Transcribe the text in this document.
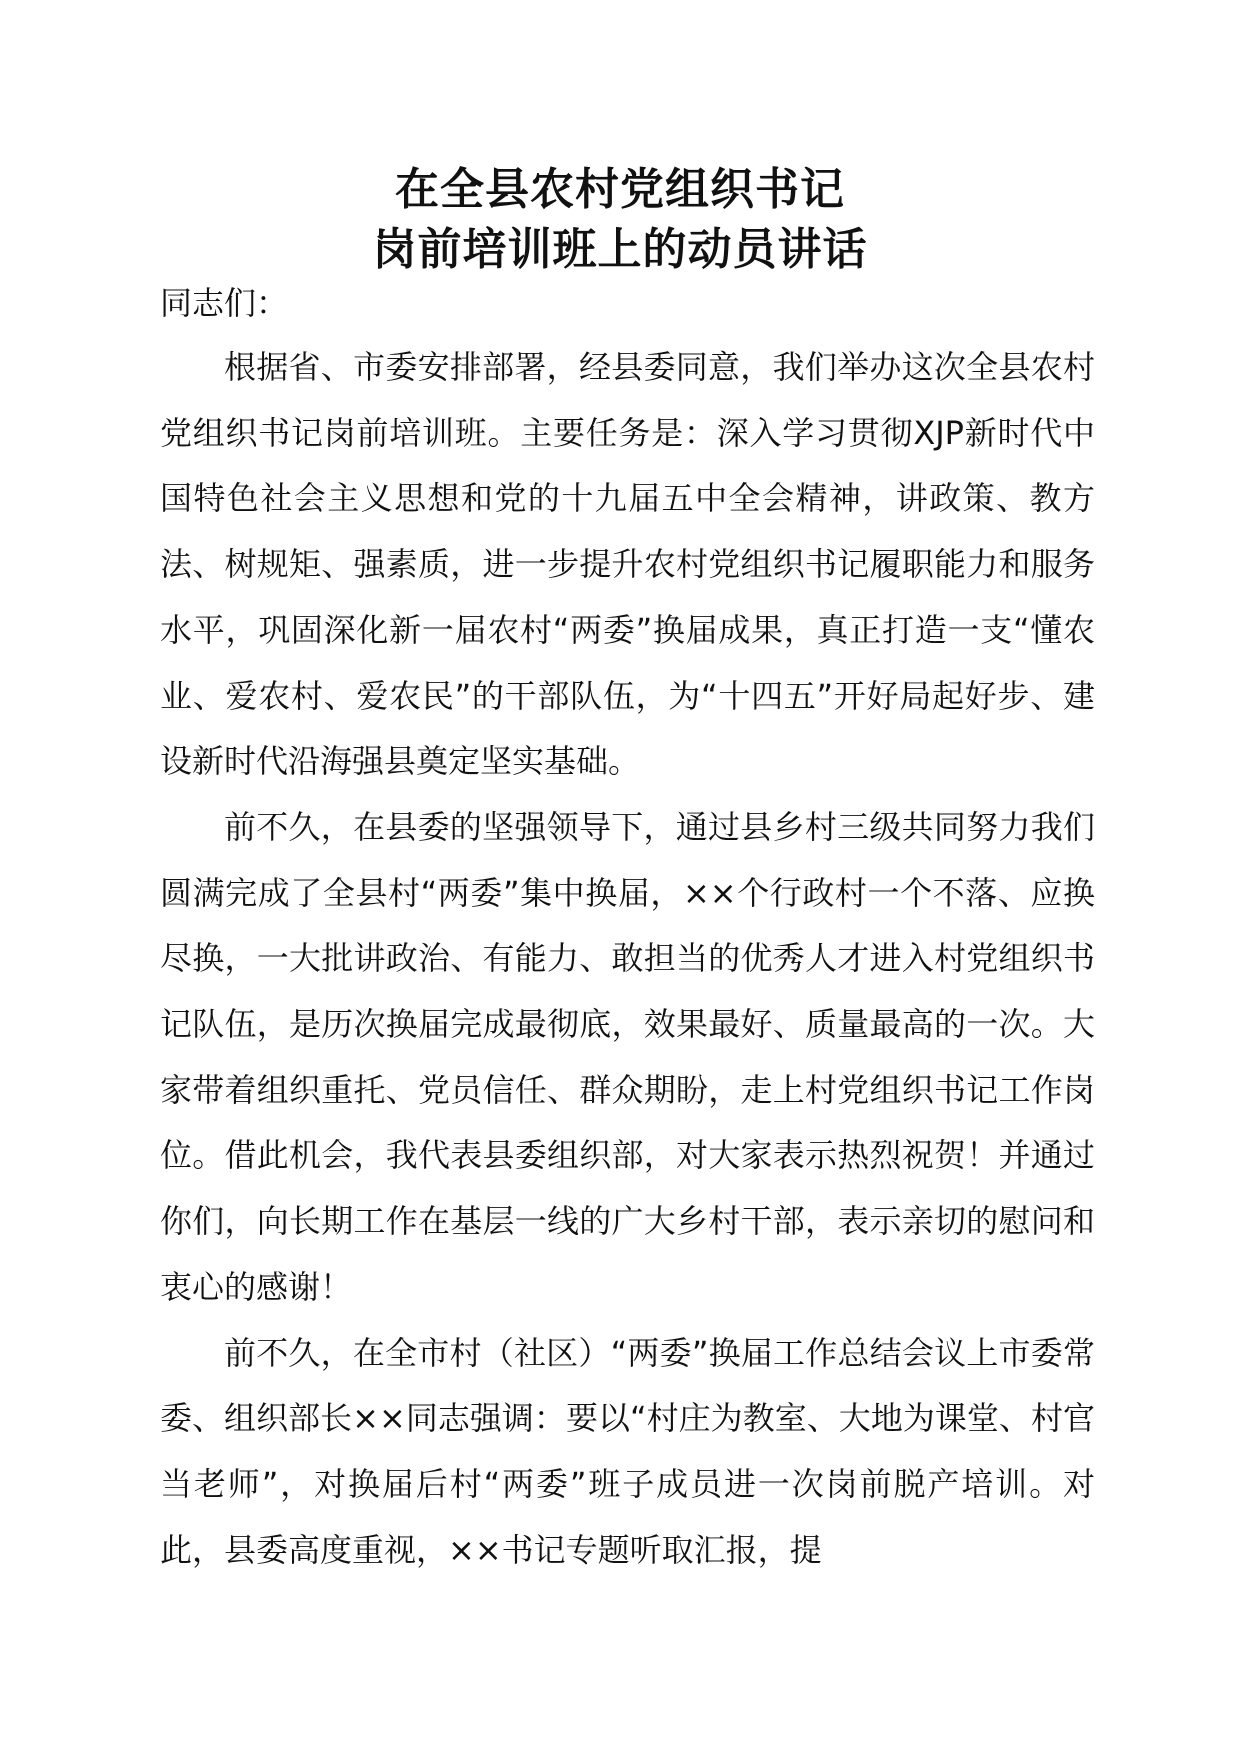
在全县农村党组织书记
岗前培训班上的动员讲话

同志们：

根据省、市委安排部署，经县委同意，我们举办这次全县农村党组织书记岗前培训班。主要任务是：深入学习贯彻XJP新时代中国特色社会主义思想和党的十九届五中全会精神，讲政策、教方法、树规矩、强素质，进一步提升农村党组织书记履职能力和服务水平，巩固深化新一届农村“两委”换届成果，真正打造一支“懂农业、爱农村、爱农民”的干部队伍，为“十四五”开好局起好步、建设新时代沿海强县奠定坚实基础。

前不久，在县委的坚强领导下，通过县乡村三级共同努力我们圆满完成了全县村“两委”集中换届，××个行政村一个不落、应换尽换，一大批讲政治、有能力、敢担当的优秀人才进入村党组织书记队伍，是历次换届完成最彻底，效果最好、质量最高的一次。大家带着组织重托、党员信任、群众期盼，走上村党组织书记工作岗位。借此机会，我代表县委组织部，对大家表示热烈祝贺！并通过你们，向长期工作在基层一线的广大乡村干部，表示亲切的慰问和衷心的感谢！

前不久，在全市村（社区）“两委”换届工作总结会议上市委常委、组织部长××同志强调：要以“村庄为教室、大地为课堂、村官当老师”，对换届后村“两委”班子成员进一次岗前脱产培训。对此，县委高度重视，××书记专题听取汇报，提
